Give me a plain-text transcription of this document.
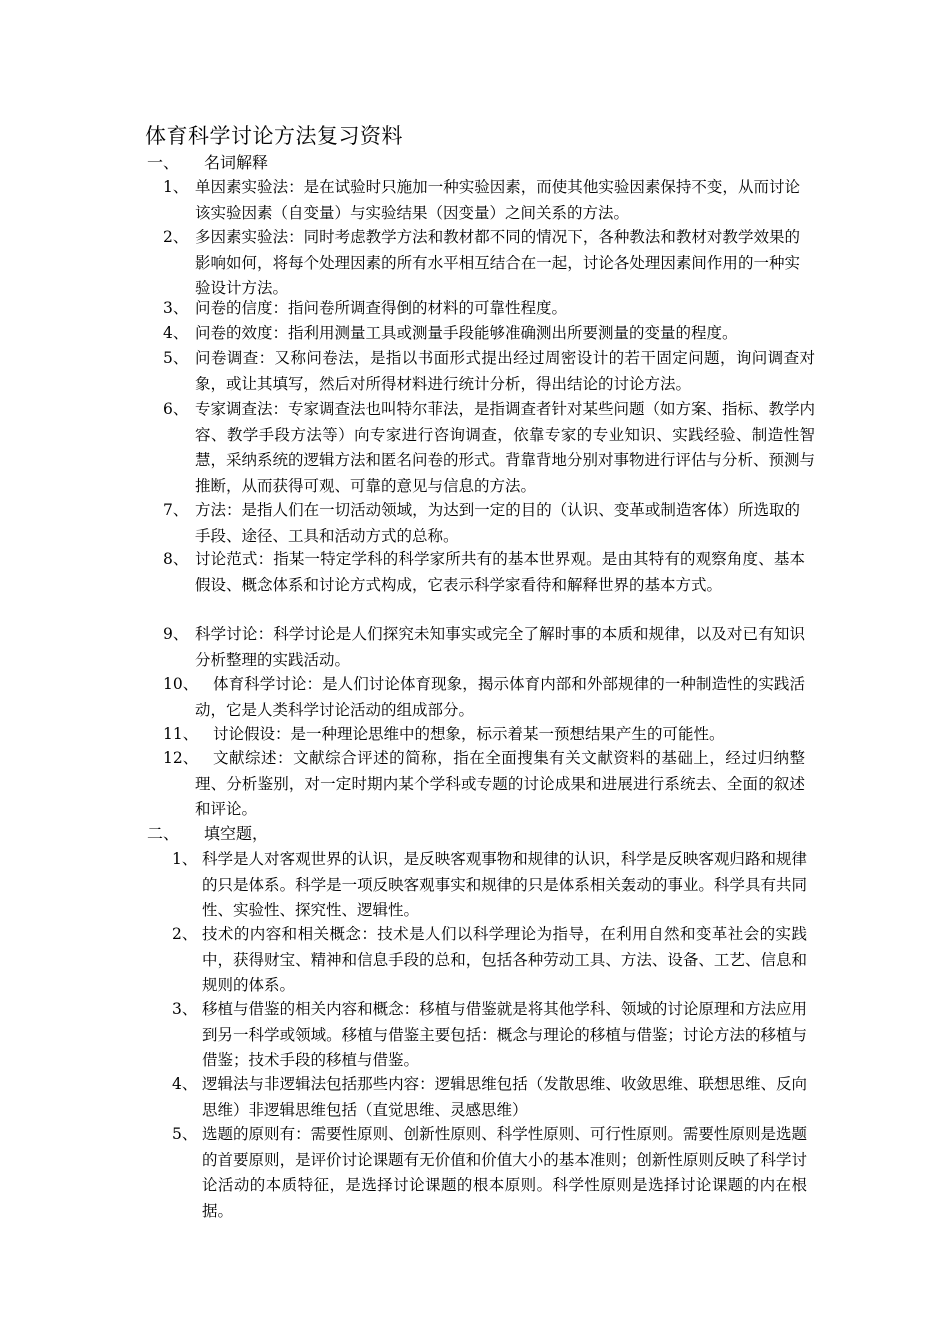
体育科学讨论方法复习资料
一、 名词解释
1、 单因素实验法：是在试验时只施加一种实验因素，而使其他实验因素保持不变，从而讨论该实验因素（自变量）与实验结果（因变量）之间关系的方法。
2、 多因素实验法：同时考虑教学方法和教材都不同的情况下，各种教法和教材对教学效果的影响如何，将每个处理因素的所有水平相互结合在一起，讨论各处理因素间作用的一种实验设计方法。
3、 问卷的信度：指问卷所调查得倒的材料的可靠性程度。
4、 问卷的效度：指利用测量工具或测量手段能够准确测出所要测量的变量的程度。
5、 问卷调查：又称问卷法，是指以书面形式提出经过周密设计的若干固定问题，询问调查对象，或让其填写，然后对所得材料进行统计分析，得出结论的讨论方法。
6、 专家调查法：专家调查法也叫特尔菲法，是指调查者针对某些问题（如方案、指标、教学内容、教学手段方法等）向专家进行咨询调查，依靠专家的专业知识、实践经验、制造性智慧，采纳系统的逻辑方法和匿名问卷的形式。背靠背地分别对事物进行评估与分析、预测与推断，从而获得可观、可靠的意见与信息的方法。
7、 方法：是指人们在一切活动领域，为达到一定的目的（认识、变革或制造客体）所选取的手段、途径、工具和活动方式的总称。
8、 讨论范式：指某一特定学科的科学家所共有的基本世界观。是由其特有的观察角度、基本假设、概念体系和讨论方式构成，它表示科学家看待和解释世界的基本方式。
9、 科学讨论：科学讨论是人们探究未知事实或完全了解时事的本质和规律，以及对已有知识分析整理的实践活动。
10、 体育科学讨论：是人们讨论体育现象，揭示体育内部和外部规律的一种制造性的实践活动，它是人类科学讨论活动的组成部分。
11、 讨论假设：是一种理论思维中的想象，标示着某一预想结果产生的可能性。
12、 文献综述：文献综合评述的简称，指在全面搜集有关文献资料的基础上，经过归纳整理、分析鉴别，对一定时期内某个学科或专题的讨论成果和进展进行系统去、全面的叙述和评论。
二、 填空题，
1、 科学是人对客观世界的认识，是反映客观事物和规律的认识，科学是反映客观归路和规律的只是体系。科学是一项反映客观事实和规律的只是体系相关轰动的事业。科学具有共同性、实验性、探究性、逻辑性。
2、 技术的内容和相关概念：技术是人们以科学理论为指导，在利用自然和变革社会的实践中，获得财宝、精神和信息手段的总和，包括各种劳动工具、方法、设备、工艺、信息和规则的体系。
3、 移植与借鉴的相关内容和概念：移植与借鉴就是将其他学科、领域的讨论原理和方法应用到另一科学或领域。移植与借鉴主要包括：概念与理论的移植与借鉴；讨论方法的移植与借鉴；技术手段的移植与借鉴。
4、 逻辑法与非逻辑法包括那些内容：逻辑思维包括（发散思维、收敛思维、联想思维、反向思维）非逻辑思维包括（直觉思维、灵感思维）
5、 选题的原则有：需要性原则、创新性原则、科学性原则、可行性原则。需要性原则是选题的首要原则，是评价讨论课题有无价值和价值大小的基本准则；创新性原则反映了科学讨论活动的本质特征，是选择讨论课题的根本原则。科学性原则是选择讨论课题的内在根据。
